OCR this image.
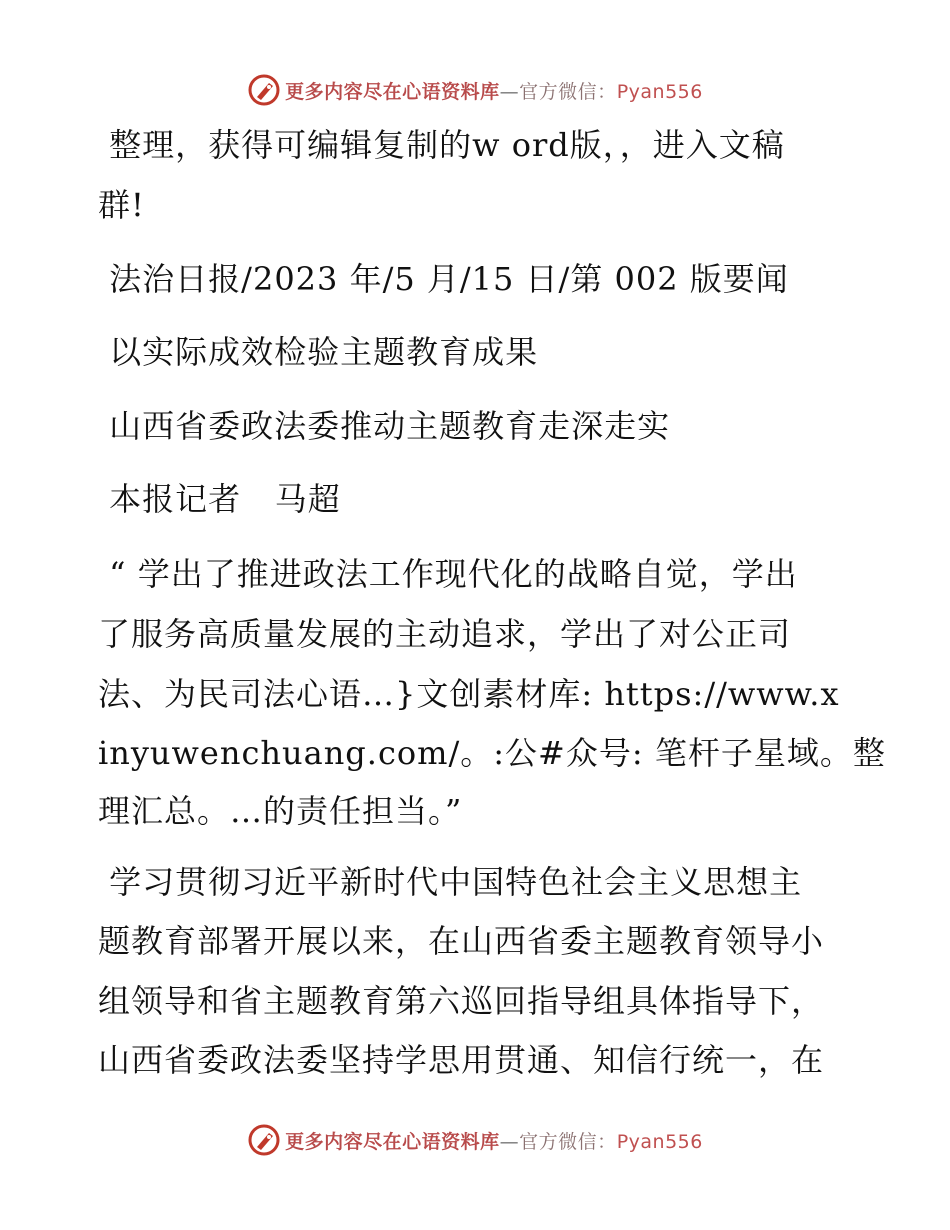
更多内容尽在心语资料库—官方微信：Pyan556
整理，获得可编辑复制的w ord版，，进入文稿
群!
法治日报/2023 年/5 月/15 日/第 002 版要闻
以实际成效检验主题教育成果
山西省委政法委推动主题教育走深走实
本报记者   马超
“ 学出了推进政法工作现代化的战略自觉，学出
了服务高质量发展的主动追求，学出了对公正司
法、为民司法心语…}文创素材库: https://www.x
inyuwenchuang.com/。:公#众号: 笔杆子星域。整
理汇总。…的责任担当。”
学习贯彻习近平新时代中国特色社会主义思想主
题教育部署开展以来，在山西省委主题教育领导小
组领导和省主题教育第六巡回指导组具体指导下，
山西省委政法委坚持学思用贯通、知信行统一，在
更多内容尽在心语资料库—官方微信：Pyan556
